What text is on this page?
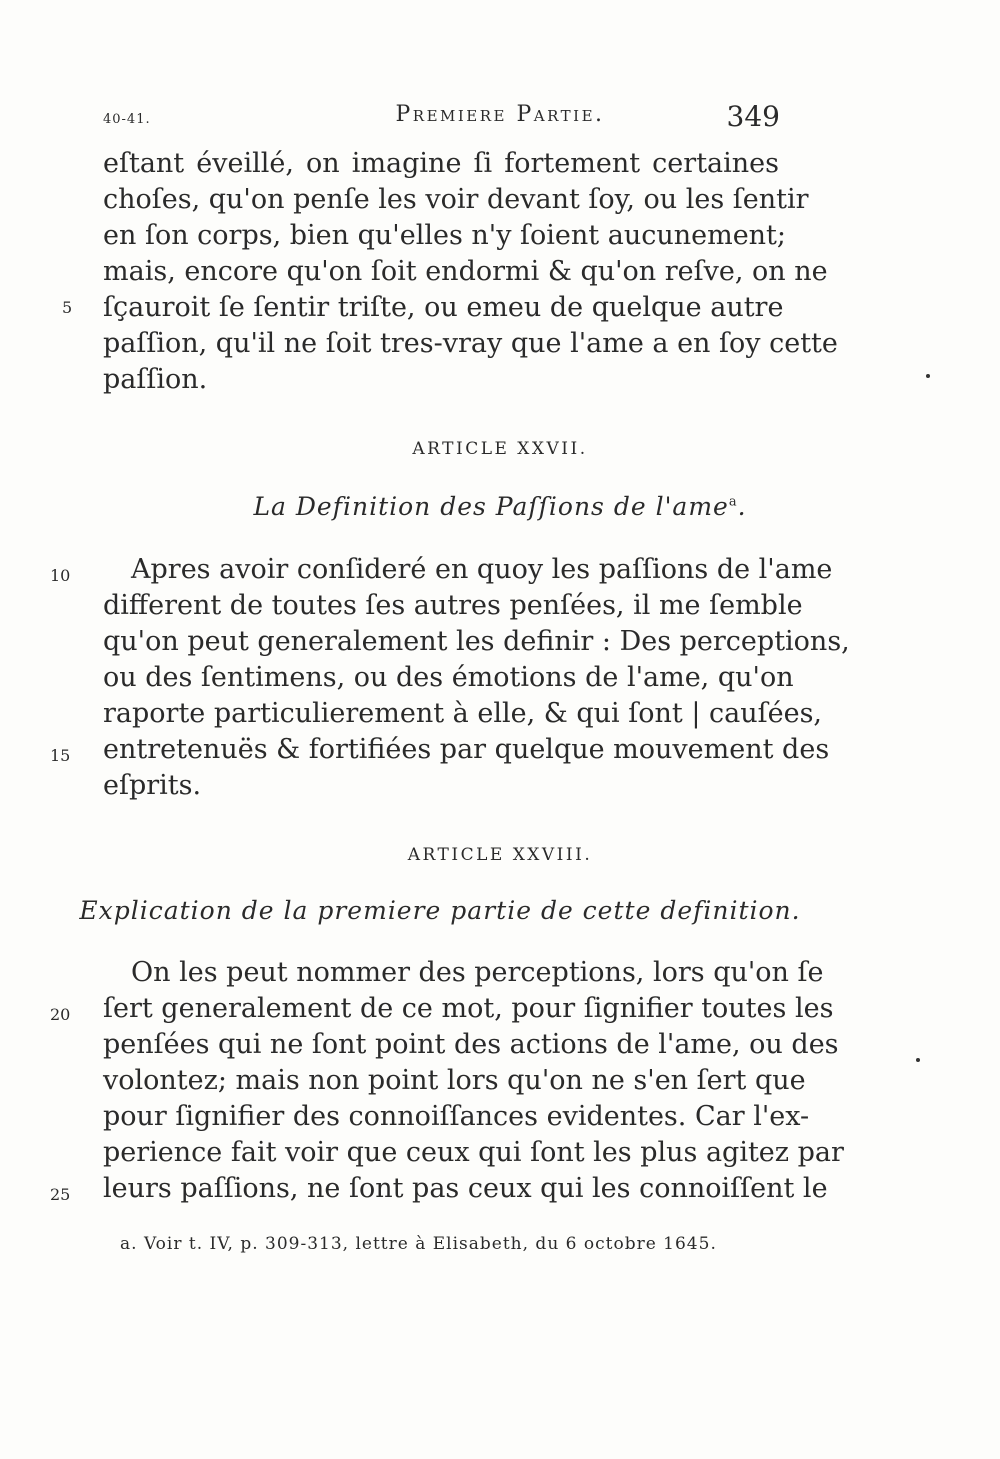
40-41.	Premiere Partie.	349
eſtant éveillé, on imagine ſi fortement certaines
choſes, qu'on penſe les voir devant ſoy, ou les ſentir
en ſon corps, bien qu'elles n'y ſoient aucunement;
mais, encore qu'on ſoit endormi & qu'on reſve, on ne
ſçauroit ſe ſentir triſte, ou emeu de quelque autre
paſſion, qu'il ne ſoit tres-vray que l'ame a en ſoy cette
paſſion.
5
ARTICLE XXVII.
La Definition des Paſſions de l'ame$^a$.
Apres avoir conſideré en quoy les paſſions de l'ame
different de toutes ſes autres penſées, il me ſemble
qu'on peut generalement les definir : Des perceptions,
ou des ſentimens, ou des émotions de l'ame, qu'on
raporte particulierement à elle, & qui ſont | cauſées,
entretenuës & fortifiées par quelque mouvement des
eſprits.
10
15
ARTICLE XXVIII.
Explication de la premiere partie de cette definition.
On les peut nommer des perceptions, lors qu'on ſe
ſert generalement de ce mot, pour ſignifier toutes les
penſées qui ne ſont point des actions de l'ame, ou des
volontez; mais non point lors qu'on ne s'en ſert que
pour ſignifier des connoiſſances evidentes. Car l'ex-
perience fait voir que ceux qui ſont les plus agitez par
leurs paſſions, ne ſont pas ceux qui les connoiſſent le
20
25
a. Voir t. IV, p. 309-313, lettre à Elisabeth, du 6 octobre 1645.
